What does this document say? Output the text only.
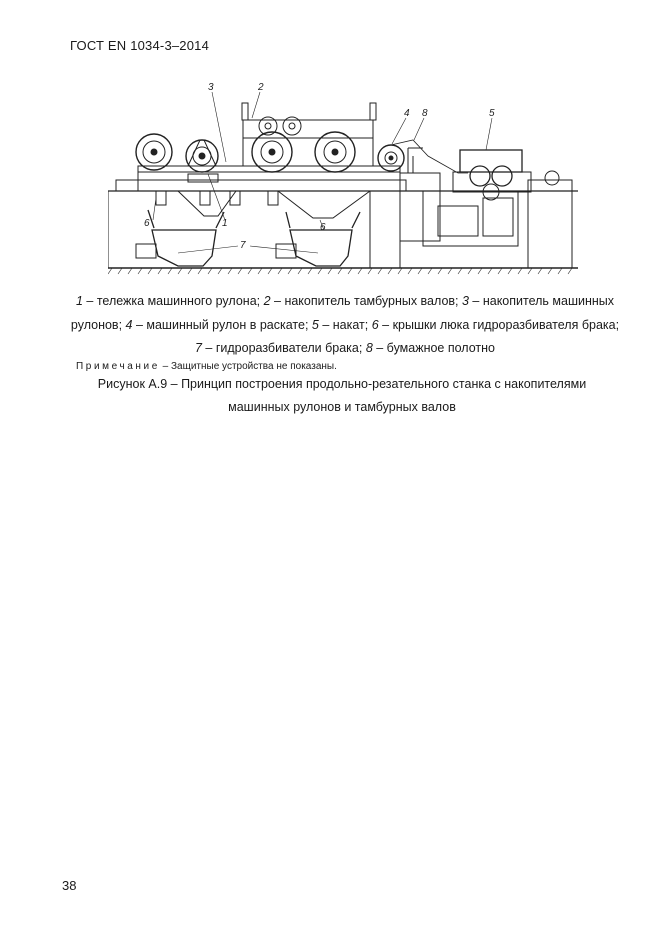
ГОСТ EN 1034-3–2014
3	2
4 8	5
6	1	6
7
1 – тележка машинного рулона; 2 – накопитель тамбурных валов; 3 – накопитель машинных рулонов; 4 – машинный рулон в раскате; 5 – накат; 6 – крышки люка гидроразбивателя брака; 7 – гидроразбиватели брака; 8 – бумажное полотно
Примечание – Защитные устройства не показаны.
Рисунок А.9 – Принцип построения продольно-резательного станка с накопителями машинных рулонов и тамбурных валов
38
